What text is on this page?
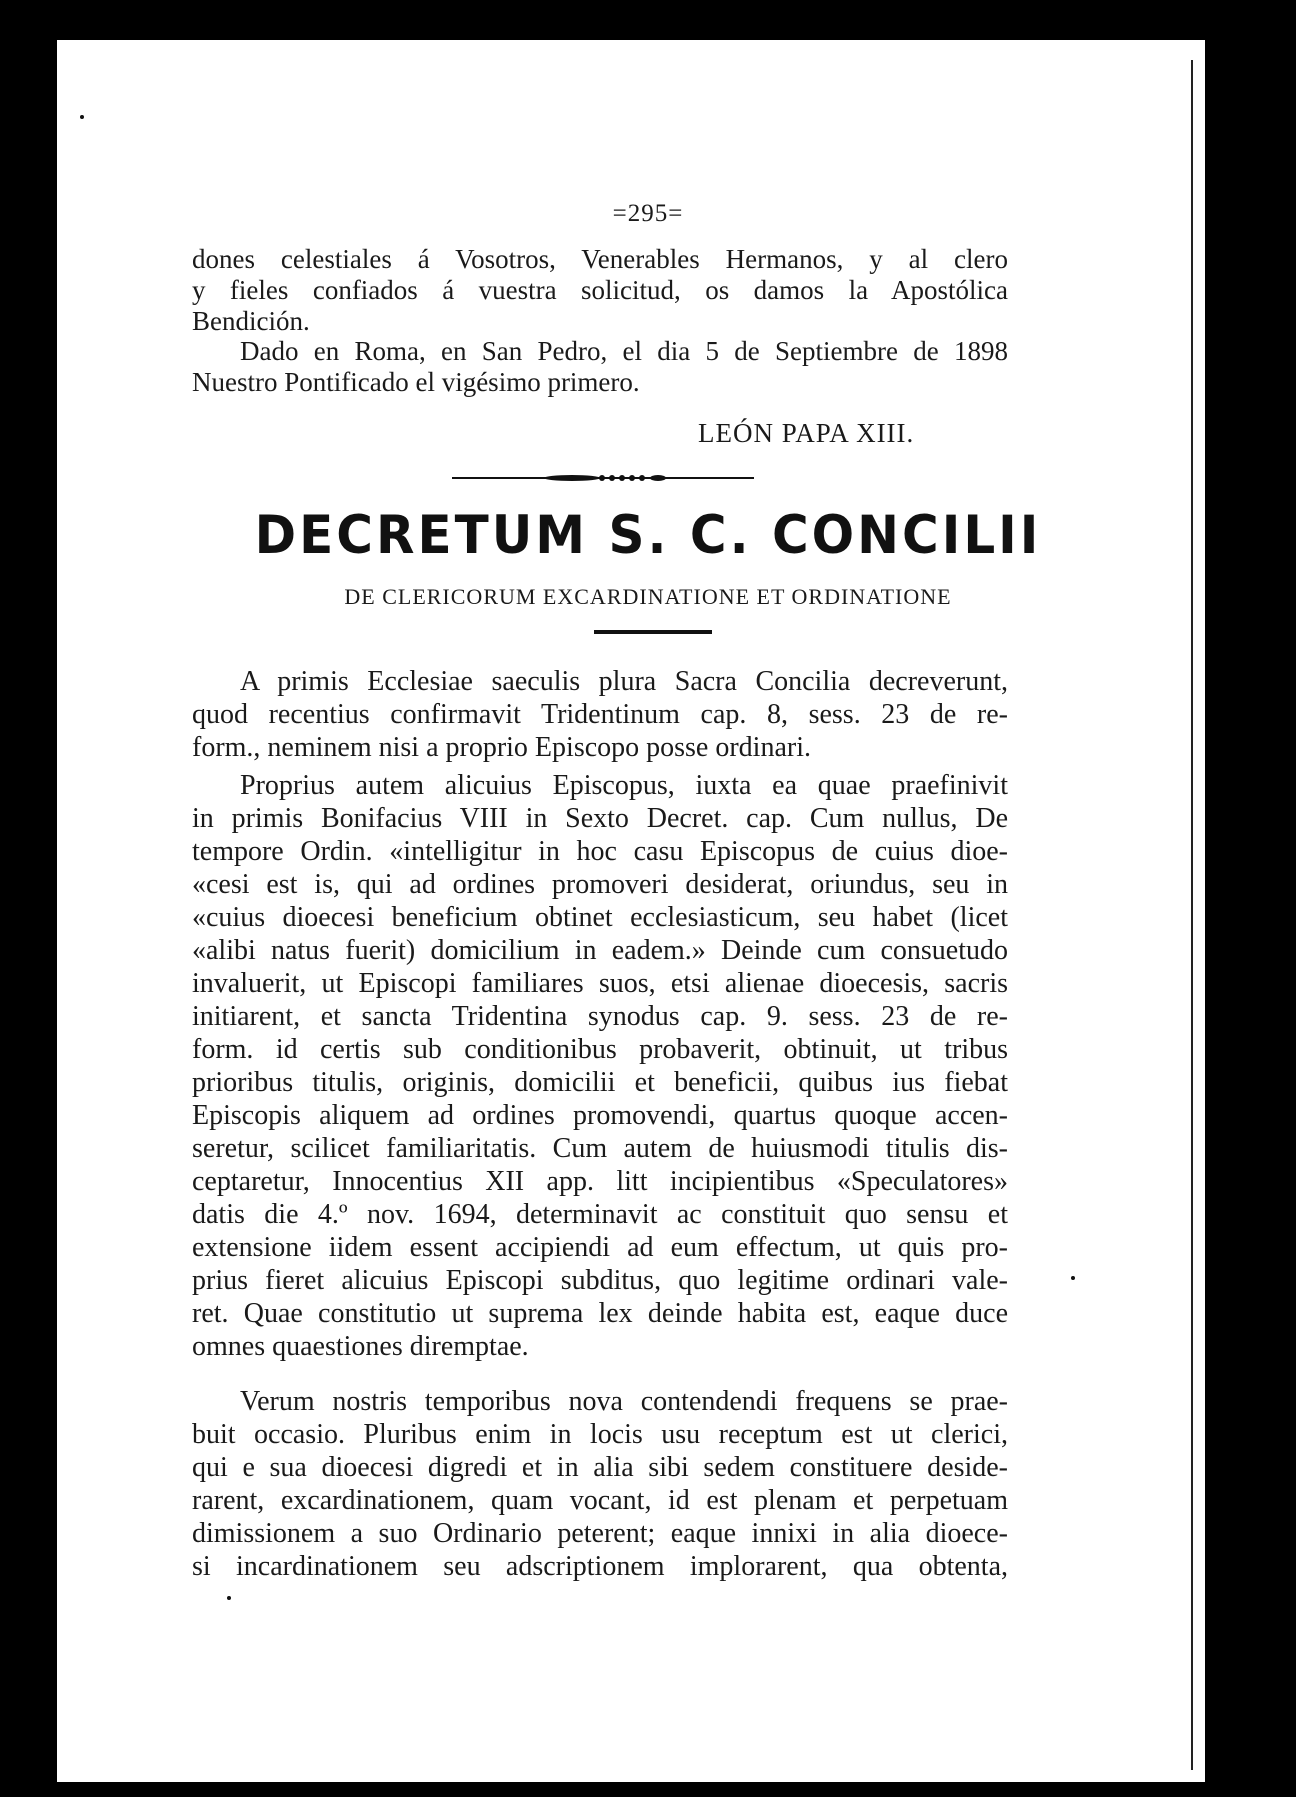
=295=
dones celestiales á Vosotros, Venerables Hermanos, y al clero
y fieles confiados á vuestra solicitud, os damos la Apostólica
Bendición.
Dado en Roma, en San Pedro, el dia 5 de Septiembre de 1898
Nuestro Pontificado el vigésimo primero.
LEÓN PAPA XIII.
DECRETUM S. C. CONCILII
DE CLERICORUM EXCARDINATIONE ET ORDINATIONE
A primis Ecclesiae saeculis plura Sacra Concilia decreverunt,
quod recentius confirmavit Tridentinum cap. 8, sess. 23 de re-
form., neminem nisi a proprio Episcopo posse ordinari.
Proprius autem alicuius Episcopus, iuxta ea quae praefinivit
in primis Bonifacius VIII in Sexto Decret. cap. Cum nullus, De
tempore Ordin. «intelligitur in hoc casu Episcopus de cuius dioe-
«cesi est is, qui ad ordines promoveri desiderat, oriundus, seu in
«cuius dioecesi beneficium obtinet ecclesiasticum, seu habet (licet
«alibi natus fuerit) domicilium in eadem.» Deinde cum consuetudo
invaluerit, ut Episcopi familiares suos, etsi alienae dioecesis, sacris
initiarent, et sancta Tridentina synodus cap. 9. sess. 23 de re-
form. id certis sub conditionibus probaverit, obtinuit, ut tribus
prioribus titulis, originis, domicilii et beneficii, quibus ius fiebat
Episcopis aliquem ad ordines promovendi, quartus quoque accen-
seretur, scilicet familiaritatis. Cum autem de huiusmodi titulis dis-
ceptaretur, Innocentius XII app. litt incipientibus «Speculatores»
datis die 4.º nov. 1694, determinavit ac constituit quo sensu et
extensione iidem essent accipiendi ad eum effectum, ut quis pro-
prius fieret alicuius Episcopi subditus, quo legitime ordinari vale-
ret. Quae constitutio ut suprema lex deinde habita est, eaque duce
omnes quaestiones diremptae.
Verum nostris temporibus nova contendendi frequens se prae-
buit occasio. Pluribus enim in locis usu receptum est ut clerici,
qui e sua dioecesi digredi et in alia sibi sedem constituere deside-
rarent, excardinationem, quam vocant, id est plenam et perpetuam
dimissionem a suo Ordinario peterent; eaque innixi in alia dioece-
si incardinationem seu adscriptionem implorarent, qua obtenta,
